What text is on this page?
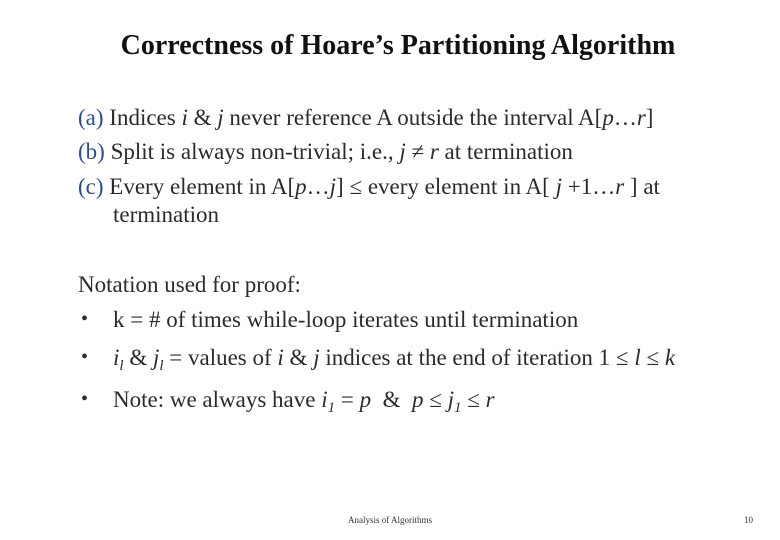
Correctness of Hoare’s Partitioning Algorithm
(a) Indices i & j never reference A outside the interval A[p…r]
(b) Split is always non-trivial; i.e., j ≠ r at termination
(c) Every element in A[p…j] ≤ every element in A[ j +1…r ] at
termination
Notation used for proof:
• k = # of times while-loop iterates until termination
• $i_l$ & $j_l$ = values of i & j indices at the end of iteration 1 ≤ l ≤ k
• Note: we always have $i_1 = p$  &  $p \le j_1 \le r$
Analysis of Algorithms	10
